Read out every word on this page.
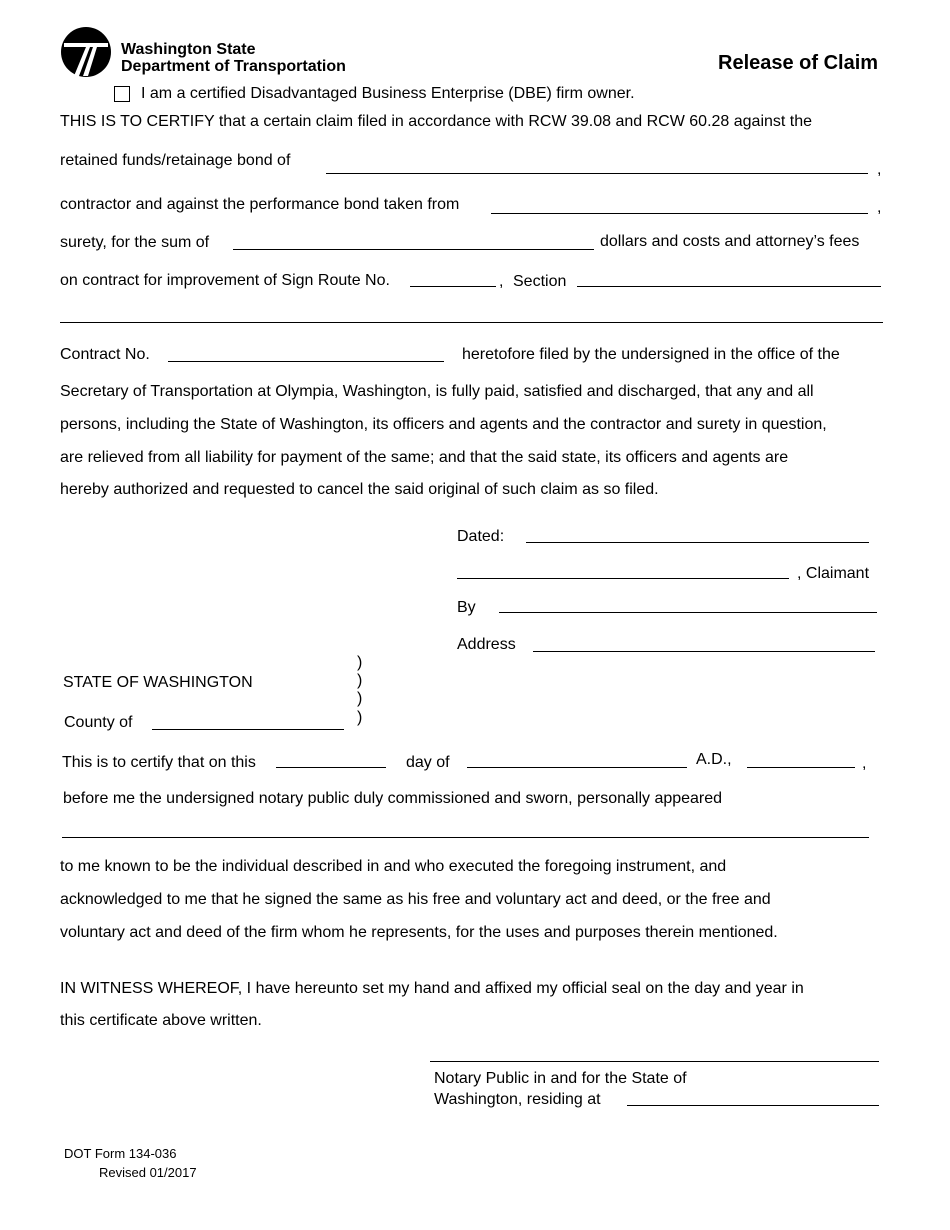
Washington State
Department of Transportation	Release of Claim
I am a certified Disadvantaged Business Enterprise (DBE) firm owner.
THIS IS TO CERTIFY that a certain claim filed in accordance with RCW 39.08 and RCW 60.28 against the
retained funds/retainage bond of
,
contractor and against the performance bond taken from	,
surety, for the sum of	dollars and costs and attorney’s fees
on contract for improvement of Sign Route No.	, Section
Contract No.	heretofore filed by the undersigned in the office of the
Secretary of Transportation at Olympia, Washington, is fully paid, satisfied and discharged, that any and all
persons, including the State of Washington, its officers and agents and the contractor and surety in question,
are relieved from all liability for payment of the same; and that the said state, its officers and agents are
hereby authorized and requested to cancel the said original of such claim as so filed.
Dated:
, Claimant
By
Address
)
)
)
)
STATE OF WASHINGTON
County of
This is to certify that on this	day of	A.D.,	,
before me the undersigned notary public duly commissioned and sworn, personally appeared
to me known to be the individual described in and who executed the foregoing instrument, and
acknowledged to me that he signed the same as his free and voluntary act and deed, or the free and
voluntary act and deed of the firm whom he represents, for the uses and purposes therein mentioned.
IN WITNESS WHEREOF, I have hereunto set my hand and affixed my official seal on the day and year in
this certificate above written.
Notary Public in and for the State of
Washington, residing at
DOT Form 134-036
Revised 01/2017
